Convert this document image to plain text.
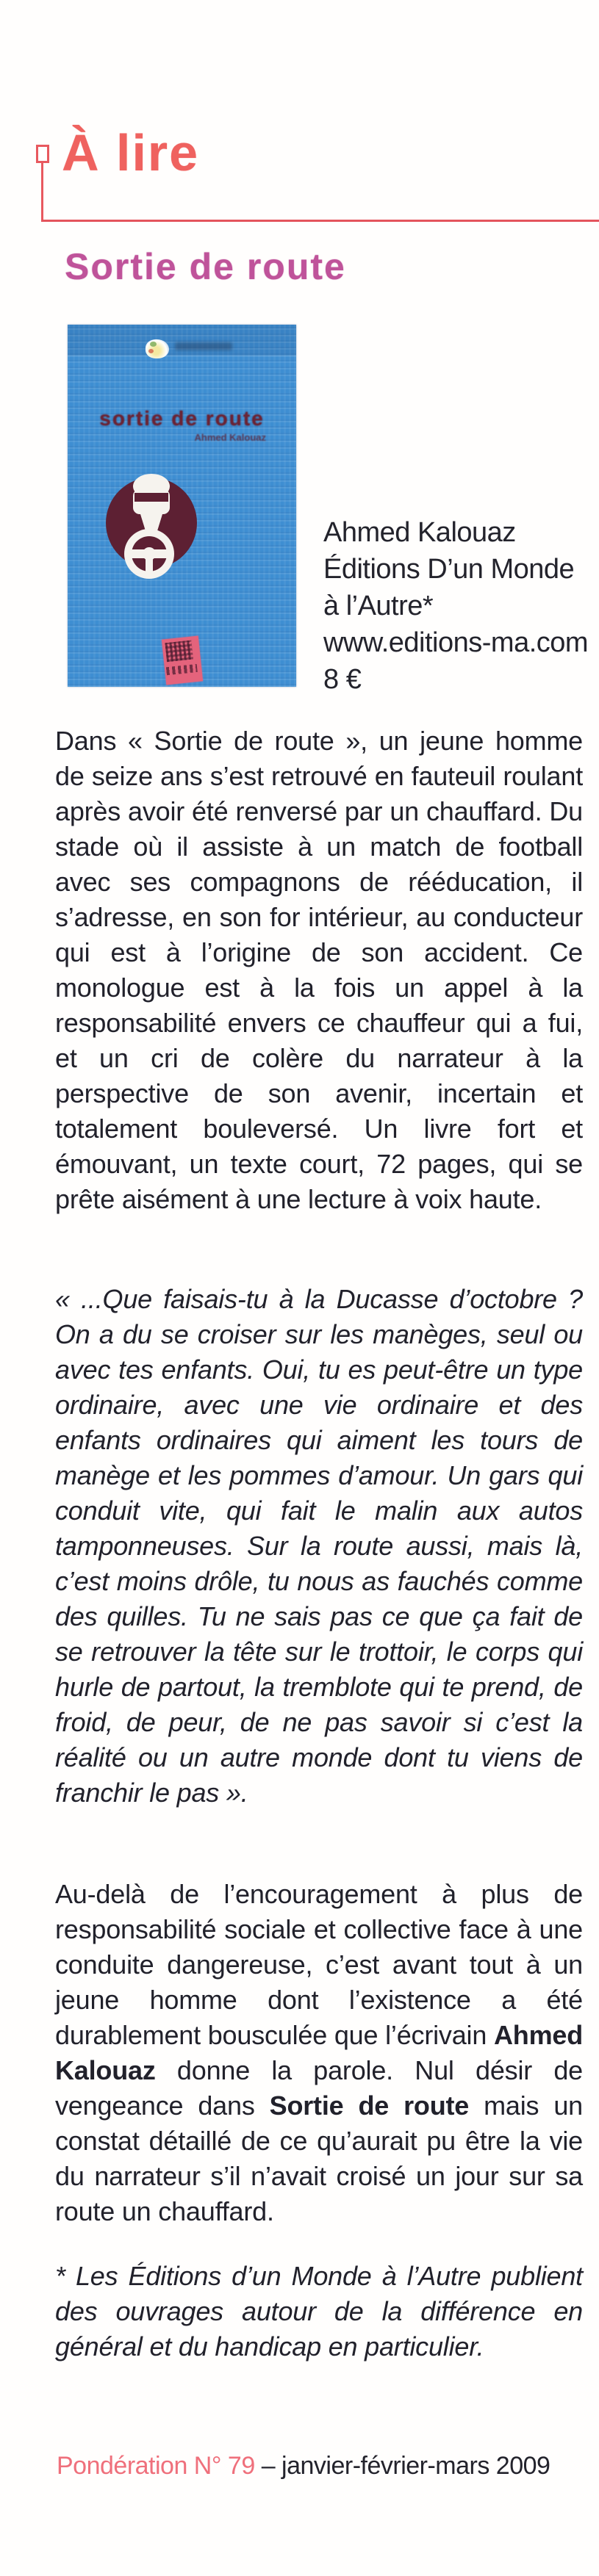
À lire
Sortie de route
sortie de route
Ahmed Kalouaz
Ahmed Kalouaz
Éditions D’un Monde
à l’Autre*
www.editions-ma.com
8 €

Dans « Sortie de route », un jeune homme de seize ans s’est retrouvé en fauteuil roulant après avoir été renversé par un chauffard. Du stade où il assiste à un match de football avec ses compagnons de rééducation, il s’adresse, en son for intérieur, au conducteur qui est à l’origine de son accident. Ce monologue est à la fois un appel à la responsabilité envers ce chauffeur qui a fui, et un cri de colère du narrateur à la perspective de son avenir, incertain et totalement bouleversé. Un livre fort et émouvant, un texte court, 72 pages, qui se prête aisément à une lecture à voix haute.

« ...Que faisais-tu à la Ducasse d’octobre ? On a du se croiser sur les manèges, seul ou avec tes enfants. Oui, tu es peut-être un type ordinaire, avec une vie ordinaire et des enfants ordinaires qui aiment les tours de manège et les pommes d’amour. Un gars qui conduit vite, qui fait le malin aux autos tamponneuses. Sur la route aussi, mais là, c’est moins drôle, tu nous as fauchés comme des quilles. Tu ne sais pas ce que ça fait de se retrouver la tête sur le trottoir, le corps qui hurle de partout, la tremblote qui te prend, de froid, de peur, de ne pas savoir si c’est la réalité ou un autre monde dont tu viens de franchir le pas ».

Au-delà de l’encouragement à plus de responsabilité sociale et collective face à une conduite dangereuse, c’est avant tout à un jeune homme dont l’existence a été durablement bousculée que l’écrivain Ahmed Kalouaz donne la parole. Nul désir de vengeance dans Sortie de route mais un constat détaillé de ce qu’aurait pu être la vie du narrateur s’il n’avait croisé un jour sur sa route un chauffard.

* Les Éditions d’un Monde à l’Autre publient des ouvrages autour de la différence en général et du handicap en particulier.

Pondération N° 79 – janvier-février-mars 2009
